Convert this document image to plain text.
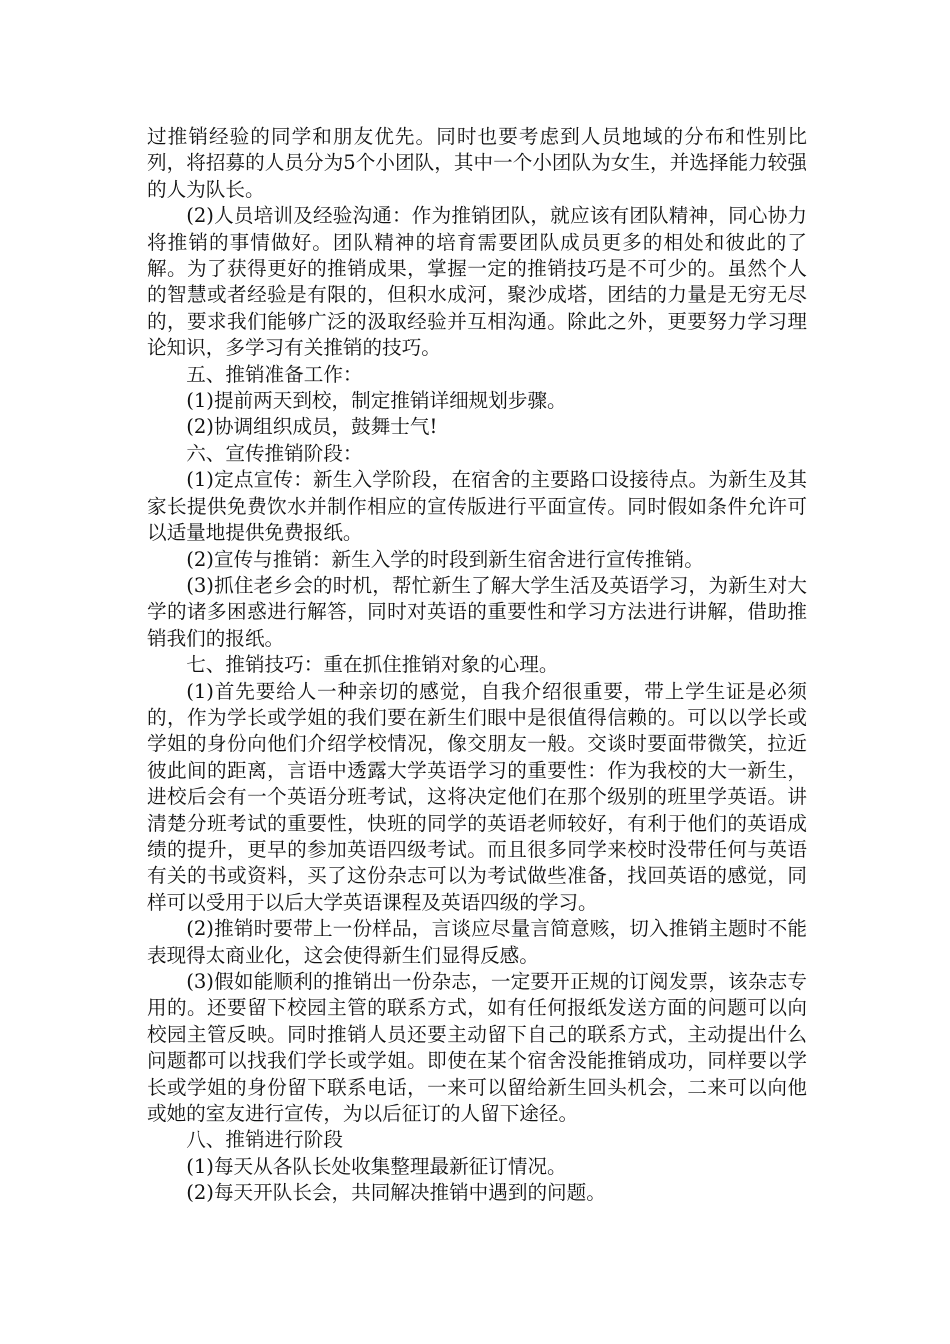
过推销经验的同学和朋友优先。同时也要考虑到人员地域的分布和性别比列，将招募的人员分为5个小团队，其中一个小团队为女生，并选择能力较强的人为队长。

(2)人员培训及经验沟通：作为推销团队，就应该有团队精神，同心协力将推销的事情做好。团队精神的培育需要团队成员更多的相处和彼此的了解。为了获得更好的推销成果，掌握一定的推销技巧是不可少的。虽然个人的智慧或者经验是有限的，但积水成河，聚沙成塔，团结的力量是无穷无尽的，要求我们能够广泛的汲取经验并互相沟通。除此之外，更要努力学习理论知识，多学习有关推销的技巧。

五、推销准备工作：

(1)提前两天到校，制定推销详细规划步骤。

(2)协调组织成员，鼓舞士气!

六、宣传推销阶段：

(1)定点宣传：新生入学阶段，在宿舍的主要路口设接待点。为新生及其家长提供免费饮水并制作相应的宣传版进行平面宣传。同时假如条件允许可以适量地提供免费报纸。

(2)宣传与推销：新生入学的时段到新生宿舍进行宣传推销。

(3)抓住老乡会的时机，帮忙新生了解大学生活及英语学习，为新生对大学的诸多困惑进行解答，同时对英语的重要性和学习方法进行讲解，借助推销我们的报纸。

七、推销技巧：重在抓住推销对象的心理。

(1)首先要给人一种亲切的感觉，自我介绍很重要，带上学生证是必须的，作为学长或学姐的我们要在新生们眼中是很值得信赖的。可以以学长或学姐的身份向他们介绍学校情况，像交朋友一般。交谈时要面带微笑，拉近彼此间的距离，言语中透露大学英语学习的重要性：作为我校的大一新生，进校后会有一个英语分班考试，这将决定他们在那个级别的班里学英语。讲清楚分班考试的重要性，快班的同学的英语老师较好，有利于他们的英语成绩的提升，更早的参加英语四级考试。而且很多同学来校时没带任何与英语有关的书或资料，买了这份杂志可以为考试做些准备，找回英语的感觉，同样可以受用于以后大学英语课程及英语四级的学习。

(2)推销时要带上一份样品，言谈应尽量言简意赅，切入推销主题时不能表现得太商业化，这会使得新生们显得反感。

(3)假如能顺利的推销出一份杂志，一定要开正规的订阅发票，该杂志专用的。还要留下校园主管的联系方式，如有任何报纸发送方面的问题可以向校园主管反映。同时推销人员还要主动留下自己的联系方式，主动提出什么问题都可以找我们学长或学姐。即使在某个宿舍没能推销成功，同样要以学长或学姐的身份留下联系电话，一来可以留给新生回头机会，二来可以向他或她的室友进行宣传，为以后征订的人留下途径。

八、推销进行阶段

(1)每天从各队长处收集整理最新征订情况。

(2)每天开队长会，共同解决推销中遇到的问题。
